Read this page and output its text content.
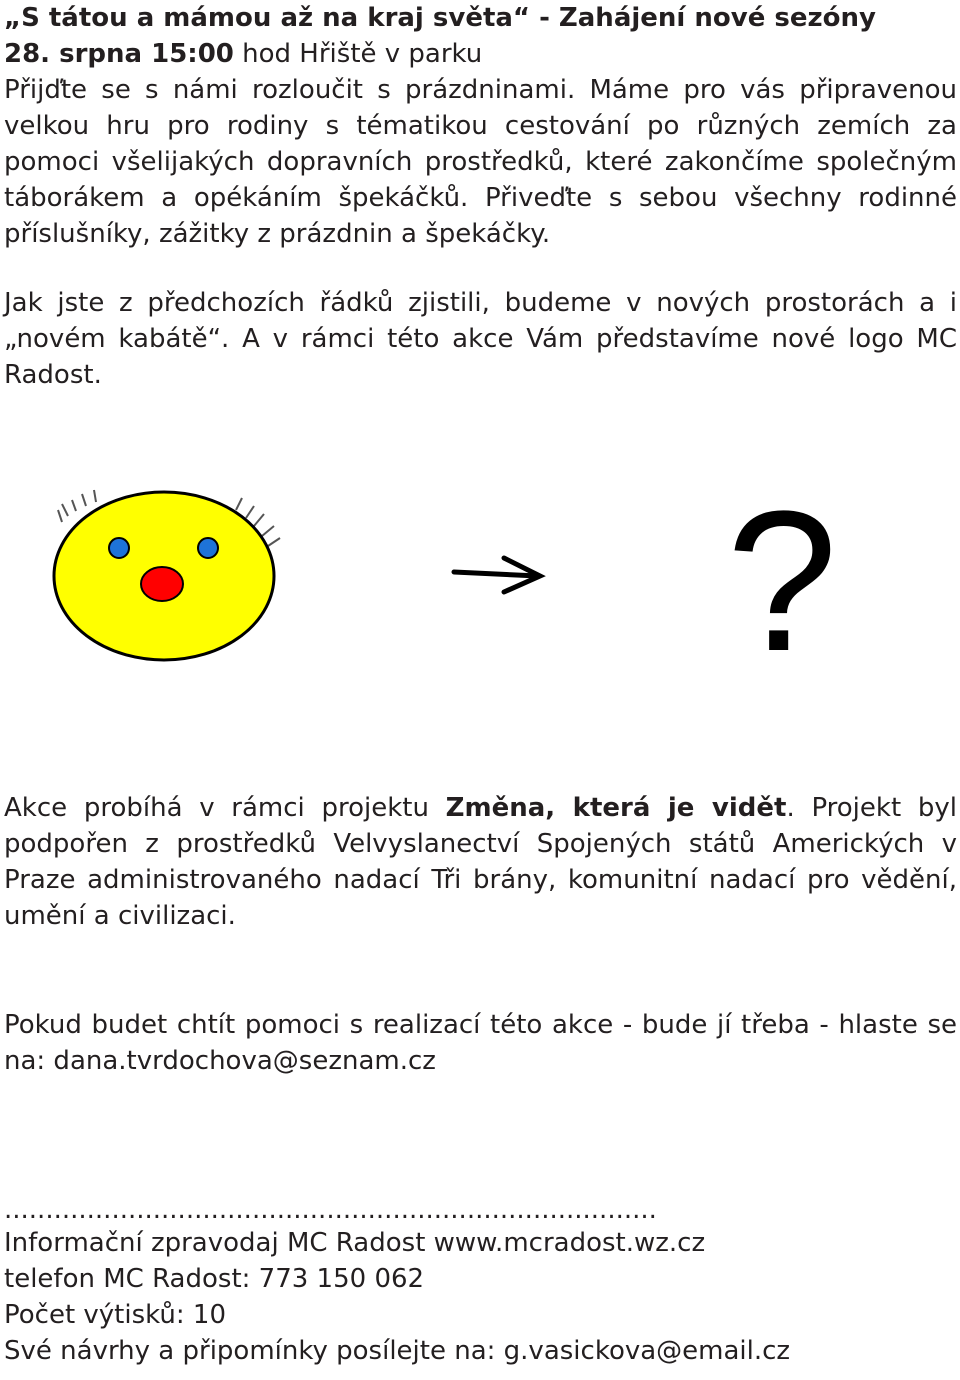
„S tátou a mámou až na kraj světa“ - Zahájení nové sezóny
28. srpna 15:00 hod Hřiště v parku
Přijďte se s námi rozloučit s prázdninami. Máme pro vás připravenou
velkou hru pro rodiny s tématikou cestování po různých zemích za
pomoci všelijakých dopravních prostředků, které zakončíme společným
táborákem a opékáním špekáčků. Přiveďte s sebou všechny rodinné
příslušníky, zážitky z prázdnin a špekáčky.
Jak jste z předchozích řádků zjistili, budeme v nových prostorách a i
„novém kabátě“. A v rámci této akce Vám představíme nové logo MC
Radost.
?
Akce probíhá v rámci projektu Změna, která je vidět. Projekt byl
podpořen z prostředků Velvyslanectví Spojených států Amerických v
Praze administrovaného nadací Tři brány, komunitní nadací pro vědění,
umění a civilizaci.
Pokud budet chtít pomoci s realizací této akce - bude jí třeba - hlaste se
na: dana.tvrdochova@seznam.cz
...............................................................................
Informační zpravodaj MC Radost www.mcradost.wz.cz
telefon MC Radost: 773 150 062
Počet výtisků: 10
Své návrhy a připomínky posílejte na: g.vasickova@email.cz
